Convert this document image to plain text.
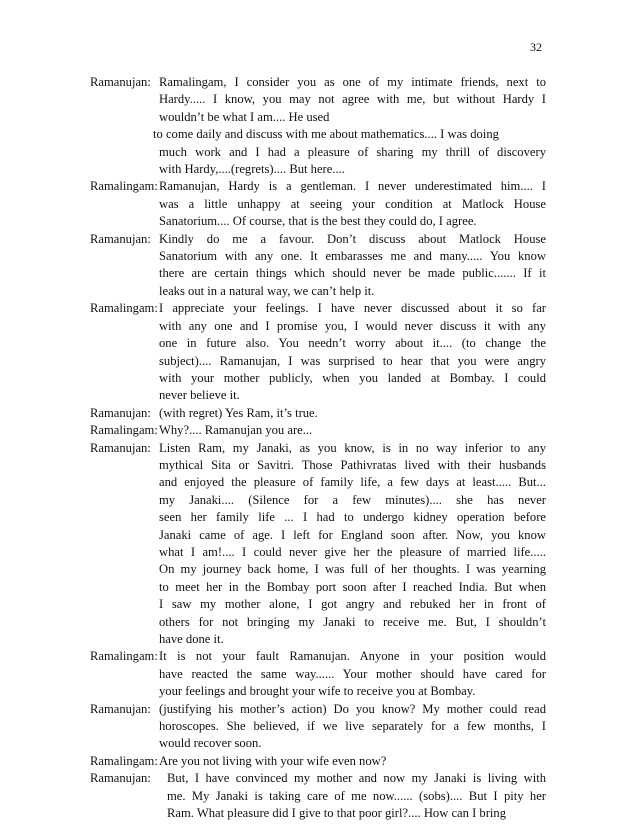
32
Ramanujan: Ramalingam, I consider you as one of my intimate friends, next to
Hardy..... I know, you may not agree with me, but without Hardy I
wouldn’t be what I am.... He used
to come daily and discuss with me about mathematics.... I was doing
much work and I had a pleasure of sharing my thrill of discovery
with Hardy,....(regrets).... But here....
Ramalingam: Ramanujan, Hardy is a gentleman. I never underestimated him.... I
was a little unhappy at seeing your condition at Matlock House
Sanatorium.... Of course, that is the best they could do, I agree.
Ramanujan: Kindly do me a favour. Don’t discuss about Matlock House
Sanatorium with any one. It embarasses me and many..... You know
there are certain things which should never be made public....... If it
leaks out in a natural way, we can’t help it.
Ramalingam: I appreciate your feelings. I have never discussed about it so far
with any one and I promise you, I would never discuss it with any
one in future also. You needn’t worry about it.... (to change the
subject).... Ramanujan, I was surprised to hear that you were angry
with your mother publicly, when you landed at Bombay. I could
never believe it.
Ramanujan: (with regret) Yes Ram, it’s true.
Ramalingam: Why?.... Ramanujan you are...
Ramanujan: Listen Ram, my Janaki, as you know, is in no way inferior to any
mythical Sita or Savitri. Those Pathivratas lived with their husbands
and enjoyed the pleasure of family life, a few days at least..... But...
my Janaki.... (Silence for a few minutes).... she has never
seen her family life ... I had to undergo kidney operation before
Janaki came of age. I left for England soon after. Now, you know
what I am!.... I could never give her the pleasure of married life.....
On my journey back home, I was full of her thoughts. I was yearning
to meet her in the Bombay port soon after I reached India. But when
I saw my mother alone, I got angry and rebuked her in front of
others for not bringing my Janaki to receive me. But, I shouldn’t
have done it.
Ramalingam: It is not your fault Ramanujan. Anyone in your position would
have reacted the same way...... Your mother should have cared for
your feelings and brought your wife to receive you at Bombay.
Ramanujan: (justifying his mother’s action) Do you know? My mother could read
horoscopes. She believed, if we live separately for a few months, I
would recover soon.
Ramalingam: Are you not living with your wife even now?
Ramanujan:	But, I have convinced my mother and now my Janaki is living with
me. My Janaki is taking care of me now...... (sobs).... But I pity her
Ram. What pleasure did I give to that poor girl?.... How can I bring
